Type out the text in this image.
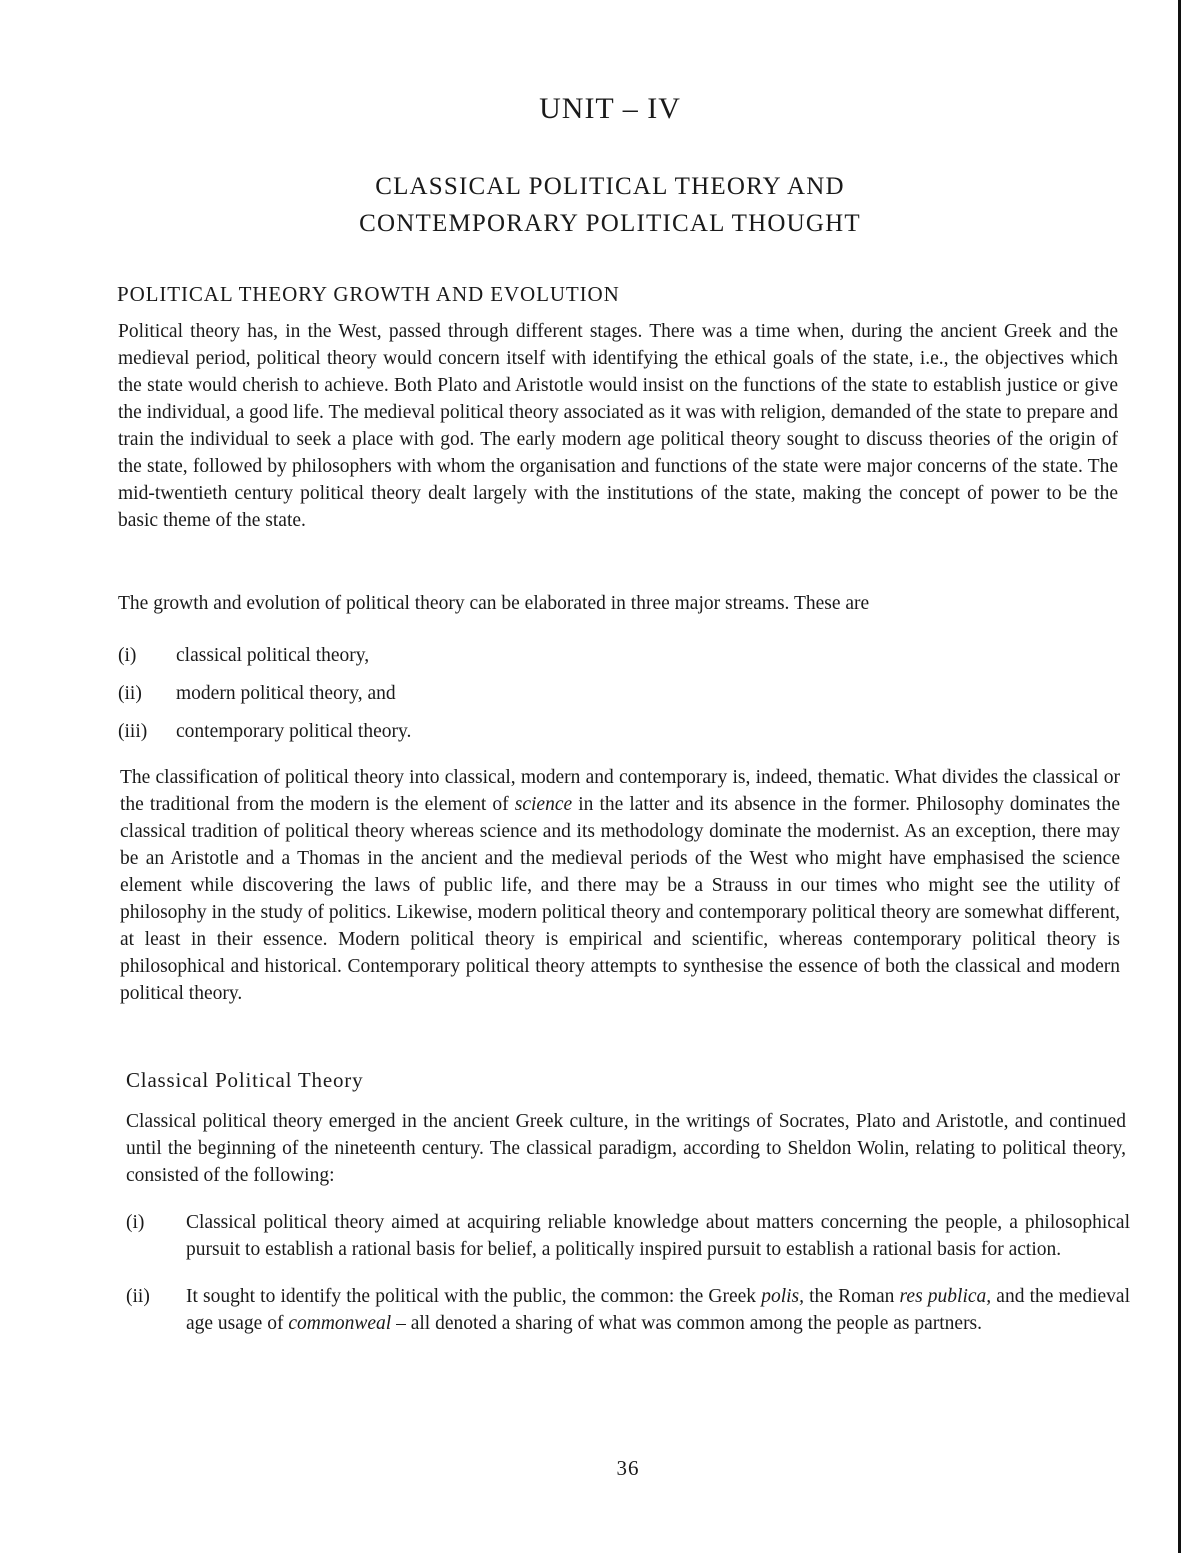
UNIT – IV
CLASSICAL POLITICAL THEORY AND
CONTEMPORARY POLITICAL THOUGHT
POLITICAL THEORY GROWTH AND EVOLUTION

Political theory has, in the West, passed through different stages. There was a time when, during the ancient Greek and the medieval period, political theory would concern itself with identifying the ethical goals of the state, i.e., the objectives which the state would cherish to achieve. Both Plato and Aristotle would insist on the functions of the state to establish justice or give the individual, a good life. The medieval political theory associated as it was with religion, demanded of the state to prepare and train the individual to seek a place with god. The early modern age political theory sought to discuss theories of the origin of the state, followed by philosophers with whom the organisation and functions of the state were major concerns of the state. The mid-twentieth century political theory dealt largely with the institutions of the state, making the concept of power to be the basic theme of the state.

The growth and evolution of political theory can be elaborated in three major streams. These are

(i)	classical political theory,
(ii)	modern political theory, and
(iii)	contemporary political theory.

The classification of political theory into classical, modern and contemporary is, indeed, thematic. What divides the classical or the traditional from the modern is the element of science in the latter and its absence in the former. Philosophy dominates the classical tradition of political theory whereas science and its methodology dominate the modernist. As an exception, there may be an Aristotle and a Thomas in the ancient and the medieval periods of the West who might have emphasised the science element while discovering the laws of public life, and there may be a Strauss in our times who might see the utility of philosophy in the study of politics. Likewise, modern political theory and contemporary political theory are somewhat different, at least in their essence. Modern political theory is empirical and scientific, whereas contemporary political theory is philosophical and historical. Contemporary political theory attempts to synthesise the essence of both the classical and modern political theory.

Classical Political Theory

Classical political theory emerged in the ancient Greek culture, in the writings of Socrates, Plato and Aristotle, and continued until the beginning of the nineteenth century. The classical paradigm, according to Sheldon Wolin, relating to political theory, consisted of the following:

(i)	Classical political theory aimed at acquiring reliable knowledge about matters concerning the people, a philosophical pursuit to establish a rational basis for belief, a politically inspired pursuit to establish a rational basis for action.
(ii)	It sought to identify the political with the public, the common: the Greek polis, the Roman res publica, and the medieval age usage of commonweal – all denoted a sharing of what was common among the people as partners.
36
